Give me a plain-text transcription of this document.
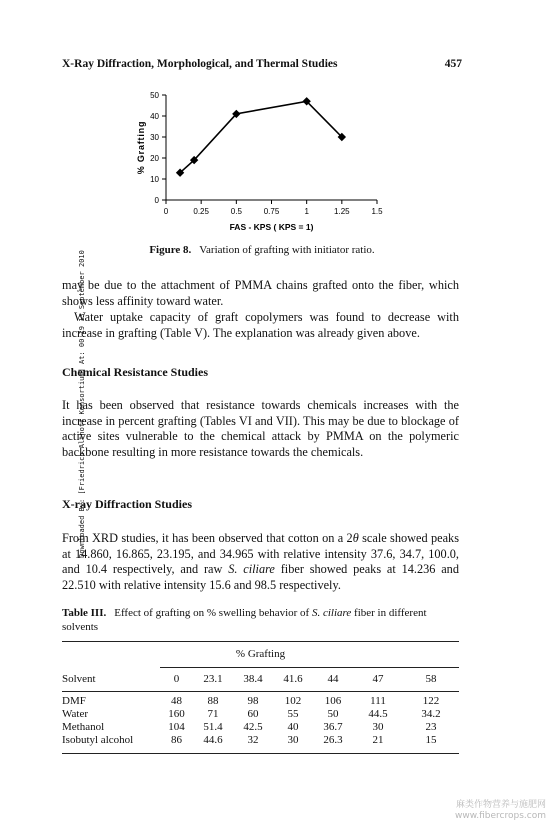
X-Ray Diffraction, Morphological, and Thermal Studies	457
Downloaded By: [Friedrich Althoff Konsortium] At: 00:19 13 September 2010
0
10
20
30
40
50
0	0.25	0.5	0.75	1	1.25	1.5
FAS - KPS ( KPS = 1)
% Grafting
Figure 8. Variation of grafting with initiator ratio.
may be due to the attachment of PMMA chains grafted onto the fiber, which shows less affinity toward water.
Water uptake capacity of graft copolymers was found to decrease with increase in grafting (Table V). The explanation was already given above.
Chemical Resistance Studies
It has been observed that resistance towards chemicals increases with the increase in percent grafting (Tables VI and VII). This may be due to blockage of active sites vulnerable to the chemical attack by PMMA on the polymeric backbone resulting in more resistance towards the chemicals.
X-ray Diffraction Studies
From XRD studies, it has been observed that cotton on a 2θ scale showed peaks at 14.860, 16.865, 23.195, and 34.965 with relative intensity 37.6, 34.7, 100.0, and 10.4 respectively, and raw S. ciliare fiber showed peaks at 14.236 and 22.510 with relative intensity 15.6 and 98.5 respectively.
Table III. Effect of grafting on % swelling behavior of S. ciliare fiber in different solvents
% Grafting
Solvent	0	23.1	38.4	41.6	44	47	58
DMF	48	88	98	102	106	111	122
Water	160	71	60	55	50	44.5	34.2
Methanol	104	51.4	42.5	40	36.7	30	23
Isobutyl alcohol	86	44.6	32	30	26.3	21	15
麻类作物营养与施肥网
www.fibercrops.com
